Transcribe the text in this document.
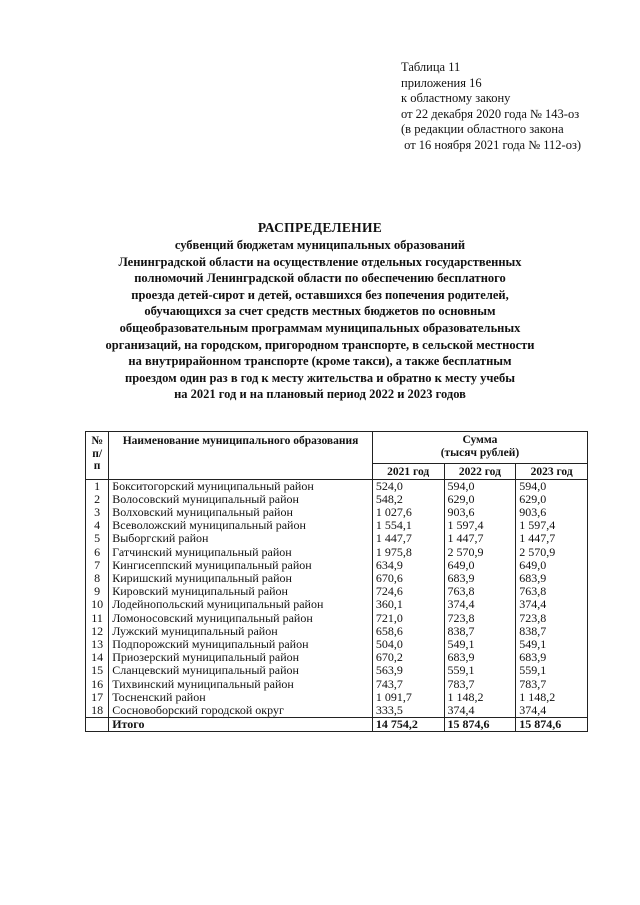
Таблица 11
приложения 16
к областному закону
от 22 декабря 2020 года № 143-оз
(в редакции областного закона
от 16 ноября 2021 года № 112-оз)
РАСПРЕДЕЛЕНИЕ
субвенций бюджетам муниципальных образований
Ленинградской области на осуществление отдельных государственных
полномочий Ленинградской области по обеспечению бесплатного
проезда детей-сирот и детей, оставшихся без попечения родителей,
обучающихся за счет средств местных бюджетов по основным
общеобразовательным программам муниципальных образовательных
организаций, на городском, пригородном транспорте, в сельской местности
на внутрирайонном транспорте (кроме такси), а также бесплатным
проездом один раз в год к месту жительства и обратно к месту учебы
на 2021 год и на плановый период 2022 и 2023 годов
№ п/п	Наименование муниципального образования	Сумма
(тысяч рублей)		

		2021 год	2022 год	2023 год
1	Бокситогорский муниципальный район	524,0	594,0	594,0
2	Волосовский муниципальный район	548,2	629,0	629,0
3	Волховский муниципальный район	1 027,6	903,6	903,6
4	Всеволожский муниципальный район	1 554,1	1 597,4	1 597,4
5	Выборгский район	1 447,7	1 447,7	1 447,7
6	Гатчинский муниципальный район	1 975,8	2 570,9	2 570,9
7	Кингисеппский муниципальный район	634,9	649,0	649,0
8	Киришский муниципальный район	670,6	683,9	683,9
9	Кировский муниципальный район	724,6	763,8	763,8
10	Лодейнопольский муниципальный район	360,1	374,4	374,4
11	Ломоносовский муниципальный район	721,0	723,8	723,8
12	Лужский муниципальный район	658,6	838,7	838,7
13	Подпорожский муниципальный район	504,0	549,1	549,1
14	Приозерский муниципальный район	670,2	683,9	683,9
15	Сланцевский муниципальный район	563,9	559,1	559,1
16	Тихвинский муниципальный район	743,7	783,7	783,7
17	Тосненский район	1 091,7	1 148,2	1 148,2
18	Сосновоборский городской округ	333,5	374,4	374,4
	Итого	14 754,2	15 874,6	15 874,6
